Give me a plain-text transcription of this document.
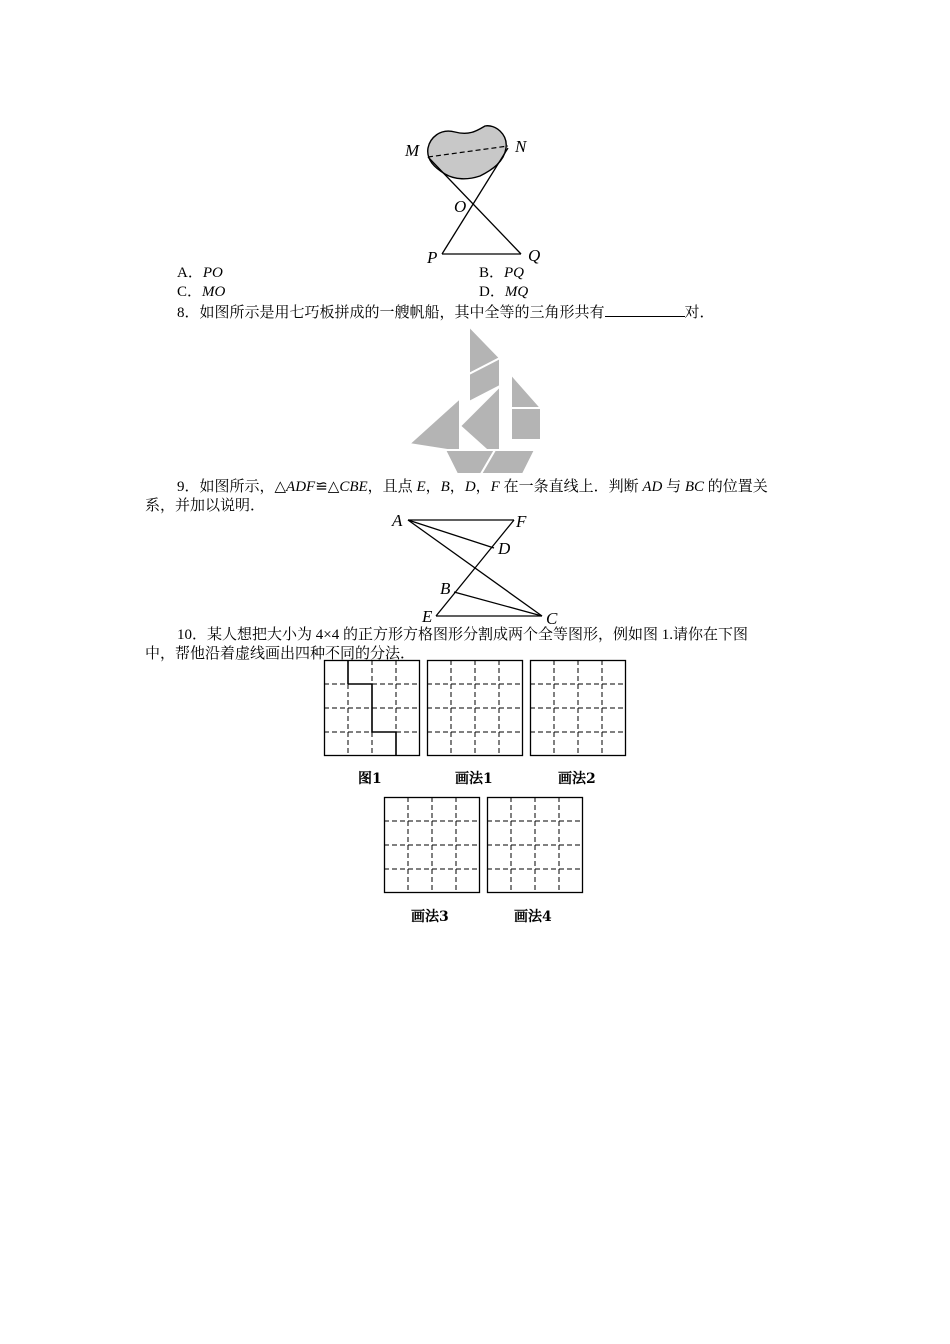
M	N
O
P	Q
A．PO	B．PQ
C．MO	D．MQ
8．如图所示是用七巧板拼成的一艘帆船，其中全等的三角形共有	对．
9．如图所示，△ADF≌△CBE，且点 E，B，D，F 在一条直线上．判断 AD 与 BC 的位置关
系，并加以说明．
A	F
D
B
E	C
10．某人想把大小为 4×4 的正方形方格图形分割成两个全等图形，例如图 1.请你在下图
中，帮他沿着虚线画出四种不同的分法．
图1	画法1	画法2
画法3	画法4
